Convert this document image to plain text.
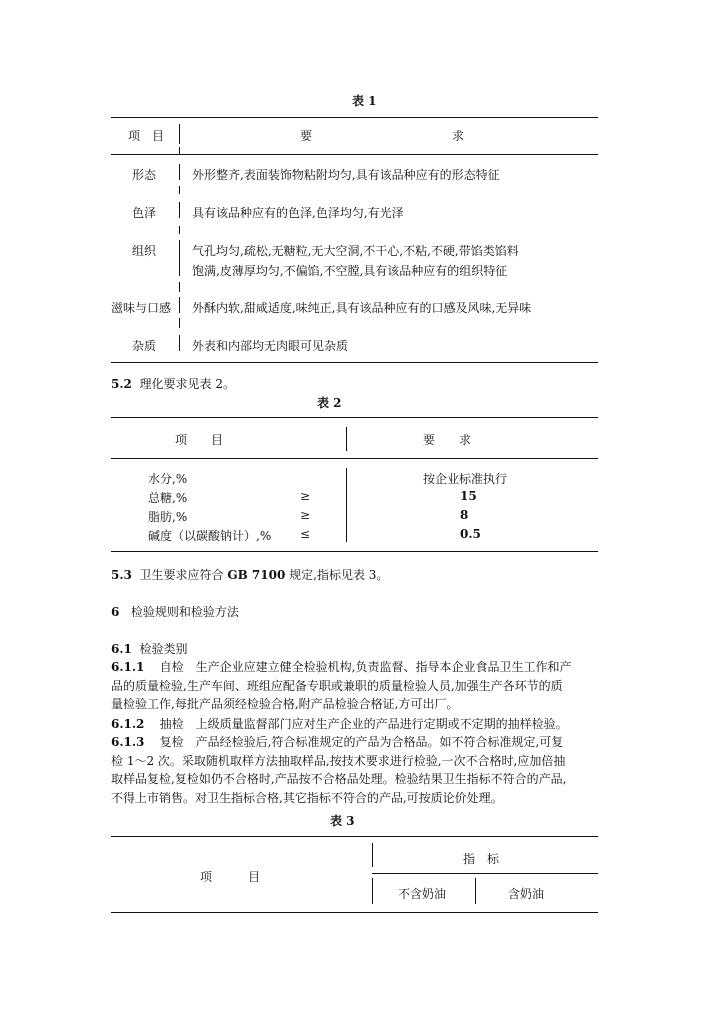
表 1
项　目	要	求
形态	外形整齐,表面装饰物粘附均匀,具有该品种应有的形态特征
色泽	具有该品种应有的色泽,色泽均匀,有光泽
组织	气孔均匀,疏松,无糖粒,无大空洞,不干心,不粘,不硬,带馅类馅料
饱满,皮薄厚均匀,不偏馅,不空膛,具有该品种应有的组织特征
滋味与口感 外酥内软,甜咸适度,味纯正,具有该品种应有的口感及风味,无异味
杂质	外表和内部均无肉眼可见杂质
5.2 理化要求见表 2。
表 2
项　　目	要　　求
水分,%	按企业标准执行
总糖,%	≥	15
脂肪,%	≥	8
碱度（以碳酸钠计）,% ≤	0.5
5.3 卫生要求应符合 GB 7100 规定,指标见表 3。
6 检验规则和检验方法
6.1 检验类别
6.1.1 自检　生产企业应建立健全检验机构,负责监督、指导本企业食品卫生工作和产
品的质量检验,生产车间、班组应配备专职或兼职的质量检验人员,加强生产各环节的质
量检验工作,每批产品须经检验合格,附产品检验合格证,方可出厂。
6.1.2 抽检　上级质量监督部门应对生产企业的产品进行定期或不定期的抽样检验。
6.1.3 复检　产品经检验后,符合标准规定的产品为合格品。如不符合标准规定,可复
检 1～2 次。采取随机取样方法抽取样品,按技术要求进行检验,一次不合格时,应加倍抽
取样品复检,复检如仍不合格时,产品按不合格品处理。检验结果卫生指标不符合的产品,
不得上市销售。对卫生指标合格,其它指标不符合的产品,可按质论价处理。
表 3
项　　　目
指　标
不含奶油	含奶油
